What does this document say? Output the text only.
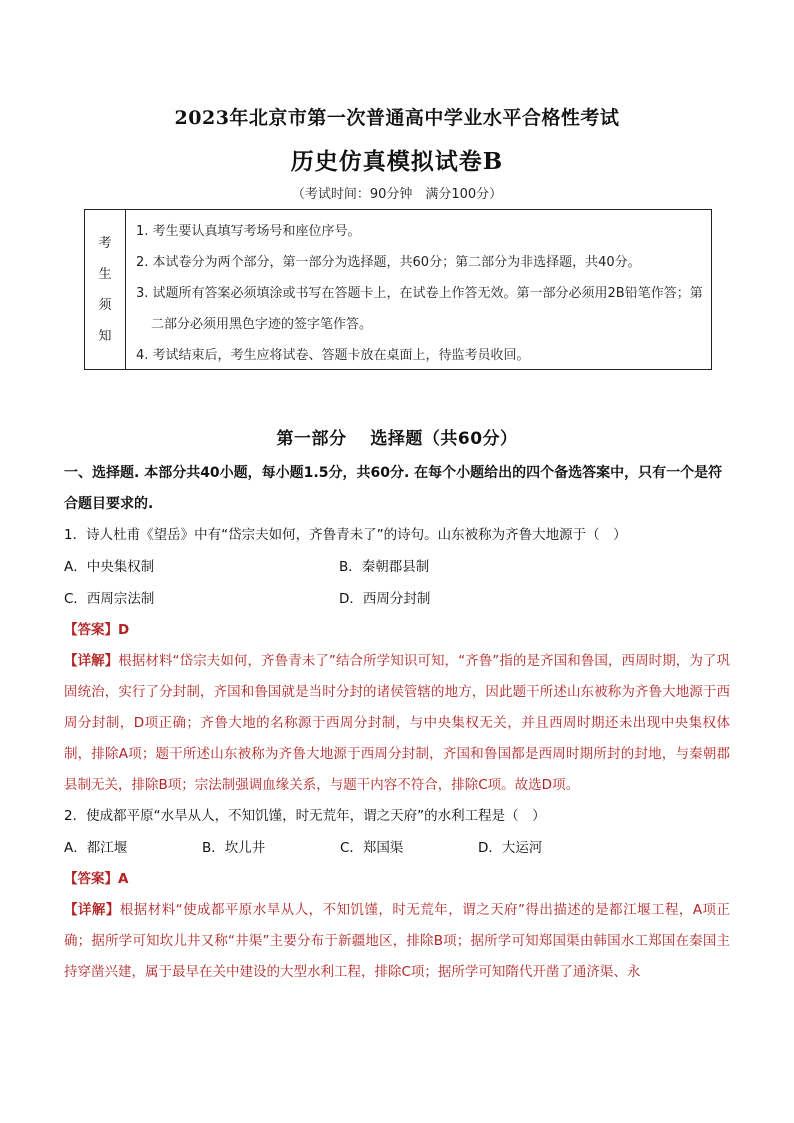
2023年北京市第一次普通高中学业水平合格性考试
历史仿真模拟试卷B
（考试时间：90分钟　满分100分）
考
生
须
知
1. 考生要认真填写考场号和座位序号。
2. 本试卷分为两个部分，第一部分为选择题，共60分；第二部分为非选择题，共40分。
3. 试题所有答案必须填涂或书写在答题卡上，在试卷上作答无效。第一部分必须用2B铅笔作答；第二部分必须用黑色字迹的签字笔作答。
4. 考试结束后，考生应将试卷、答题卡放在桌面上，待监考员收回。
第一部分　 选择题（共60分）
一、选择题. 本部分共40小题，每小题1.5分，共60分. 在每个小题给出的四个备选答案中，只有一个是符合题目要求的.
1．诗人杜甫《望岳》中有“岱宗夫如何，齐鲁青未了”的诗句。山东被称为齐鲁大地源于（　）
A．中央集权制	B．秦朝郡县制
C．西周宗法制	D．西周分封制
【答案】D
【详解】根据材料“岱宗夫如何，齐鲁青未了”结合所学知识可知，“齐鲁”指的是齐国和鲁国，西周时期，为了巩固统治，实行了分封制，齐国和鲁国就是当时分封的诸侯管辖的地方，因此题干所述山东被称为齐鲁大地源于西周分封制，D项正确；齐鲁大地的名称源于西周分封制，与中央集权无关，并且西周时期还未出现中央集权体制，排除A项；题干所述山东被称为齐鲁大地源于西周分封制，齐国和鲁国都是西周时期所封的封地，与秦朝郡县制无关，排除B项；宗法制强调血缘关系，与题干内容不符合，排除C项。故选D项。
2．使成都平原“水旱从人，不知饥馑，时无荒年，谓之天府”的水利工程是（　）
A．都江堰	B．坎儿井	C．郑国渠	D．大运河
【答案】A
【详解】根据材料“使成都平原水旱从人，不知饥馑，时无荒年，谓之天府”得出描述的是都江堰工程，A项正确；据所学可知坎儿井又称“井渠”主要分布于新疆地区，排除B项；据所学可知郑国渠由韩国水工郑国在秦国主持穿凿兴建，属于最早在关中建设的大型水利工程，排除C项；据所学可知隋代开凿了通济渠、永
